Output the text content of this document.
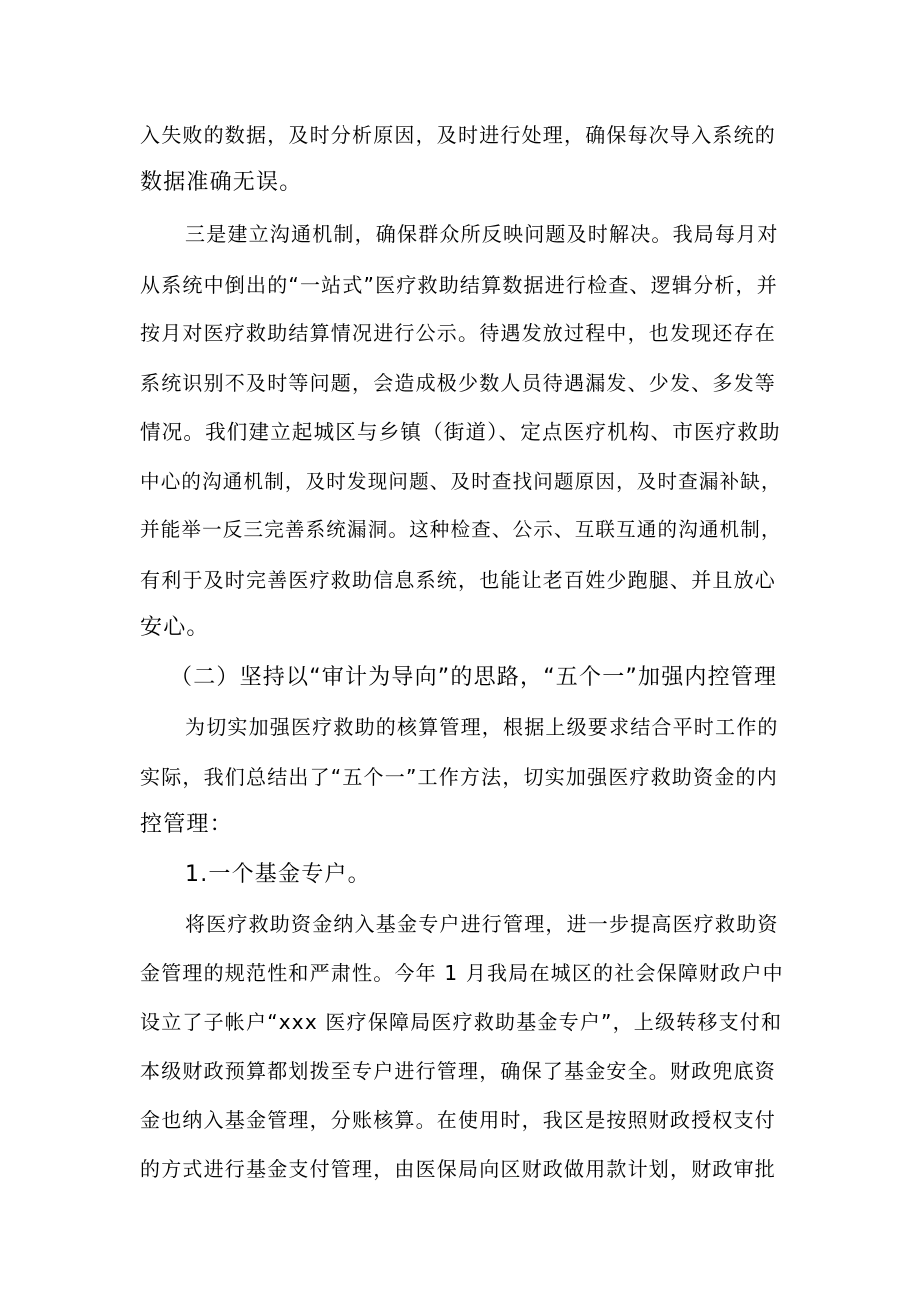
入失败的数据，及时分析原因，及时进行处理，确保每次导入系统的
数据准确无误。
三是建立沟通机制，确保群众所反映问题及时解决。我局每月对
从系统中倒出的“一站式”医疗救助结算数据进行检查、逻辑分析，并
按月对医疗救助结算情况进行公示。待遇发放过程中，也发现还存在
系统识别不及时等问题，会造成极少数人员待遇漏发、少发、多发等
情况。我们建立起城区与乡镇（街道）、定点医疗机构、市医疗救助
中心的沟通机制，及时发现问题、及时查找问题原因，及时查漏补缺，
并能举一反三完善系统漏洞。这种检查、公示、互联互通的沟通机制，
有利于及时完善医疗救助信息系统，也能让老百姓少跑腿、并且放心
安心。
（二）坚持以“审计为导向”的思路，“五个一”加强内控管理
为切实加强医疗救助的核算管理，根据上级要求结合平时工作的
实际，我们总结出了“五个一”工作方法，切实加强医疗救助资金的内
控管理：
1.一个基金专户。
将医疗救助资金纳入基金专户进行管理，进一步提高医疗救助资
金管理的规范性和严肃性。今年 1 月我局在城区的社会保障财政户中
设立了子帐户“xxx 医疗保障局医疗救助基金专户”，上级转移支付和
本级财政预算都划拨至专户进行管理，确保了基金安全。财政兜底资
金也纳入基金管理，分账核算。在使用时，我区是按照财政授权支付
的方式进行基金支付管理，由医保局向区财政做用款计划，财政审批
